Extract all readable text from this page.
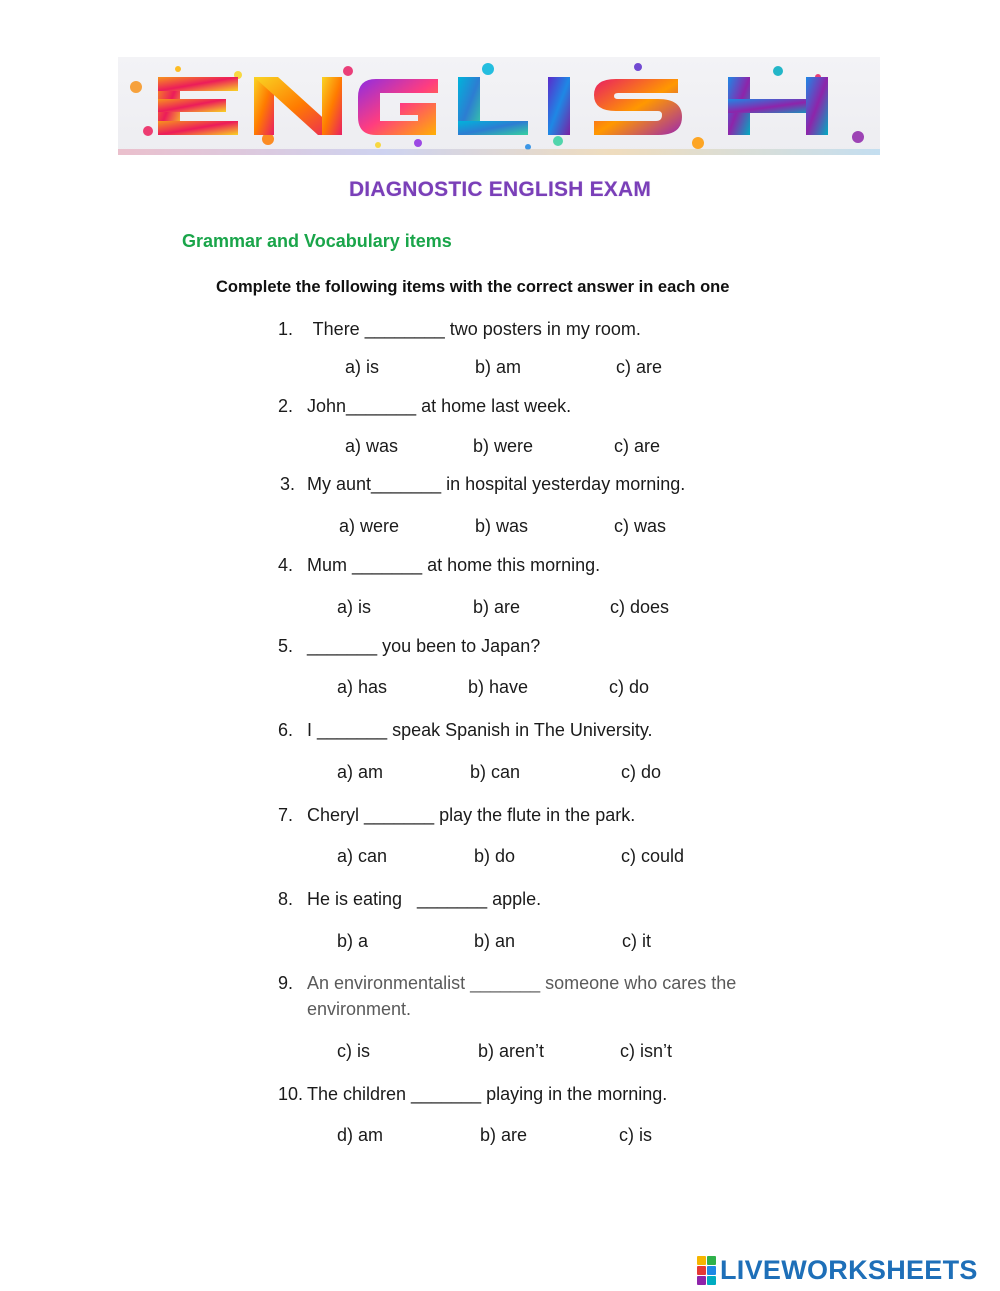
DIAGNOSTIC ENGLISH EXAM
Grammar and Vocabulary items
Complete the following items with the correct answer in each one
1. There ________ two posters in my room.
a) is	b) am	c) are
2. John_______ at home last week.
a) was	b) were	c) are
3. My aunt_______ in hospital yesterday morning.
a) were	b) was	c) was
4. Mum _______ at home this morning.
a) is	b) are	c) does
5. _______ you been to Japan?
a) has	b) have	c) do
6. I _______ speak Spanish in The University.
a) am	b) can	c) do
7. Cheryl _______ play the flute in the park.
a) can	b) do	c) could
8. He is eating   _______ apple.
b) a	b) an	c) it
9. An environmentalist _______ someone who cares the
environment.
c) is	b) aren’t	c) isn’t
10. The children _______ playing in the morning.
d) am	b) are	c) is
LIVEWORKSHEETS
